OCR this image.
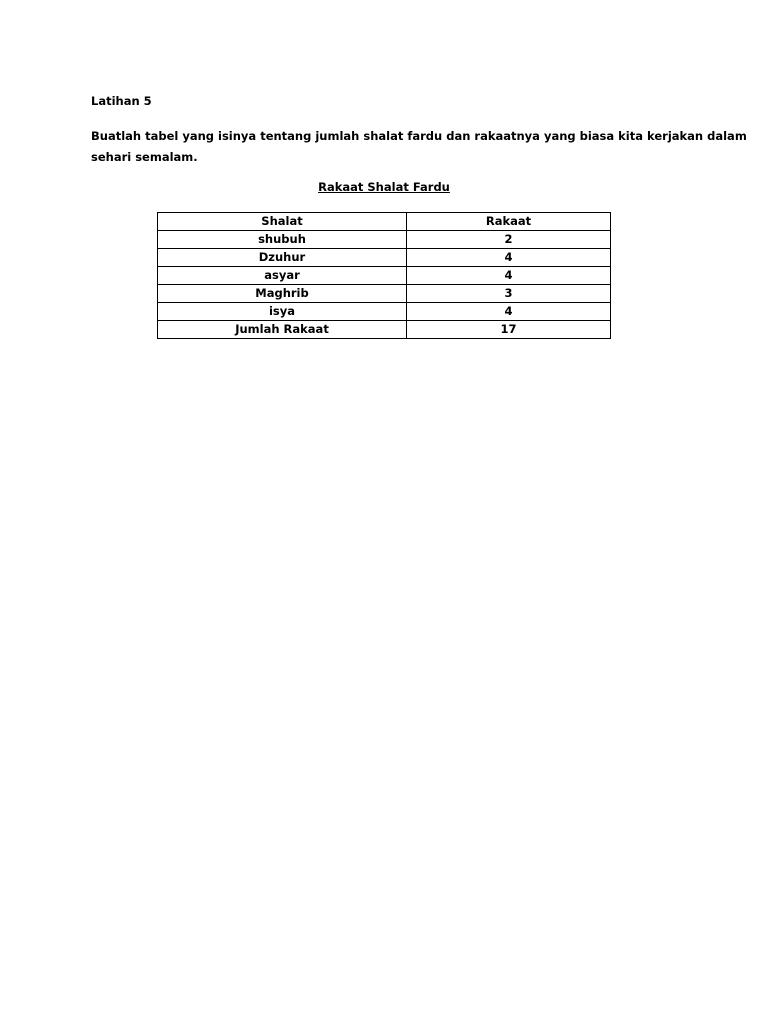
Latihan 5
Buatlah tabel yang isinya tentang jumlah shalat fardu dan rakaatnya yang biasa kita kerjakan dalam
sehari semalam.
Rakaat Shalat Fardu
Shalat	Rakaat
shubuh	2
Dzuhur	4
asyar	4
Maghrib	3
isya	4
Jumlah Rakaat	17
